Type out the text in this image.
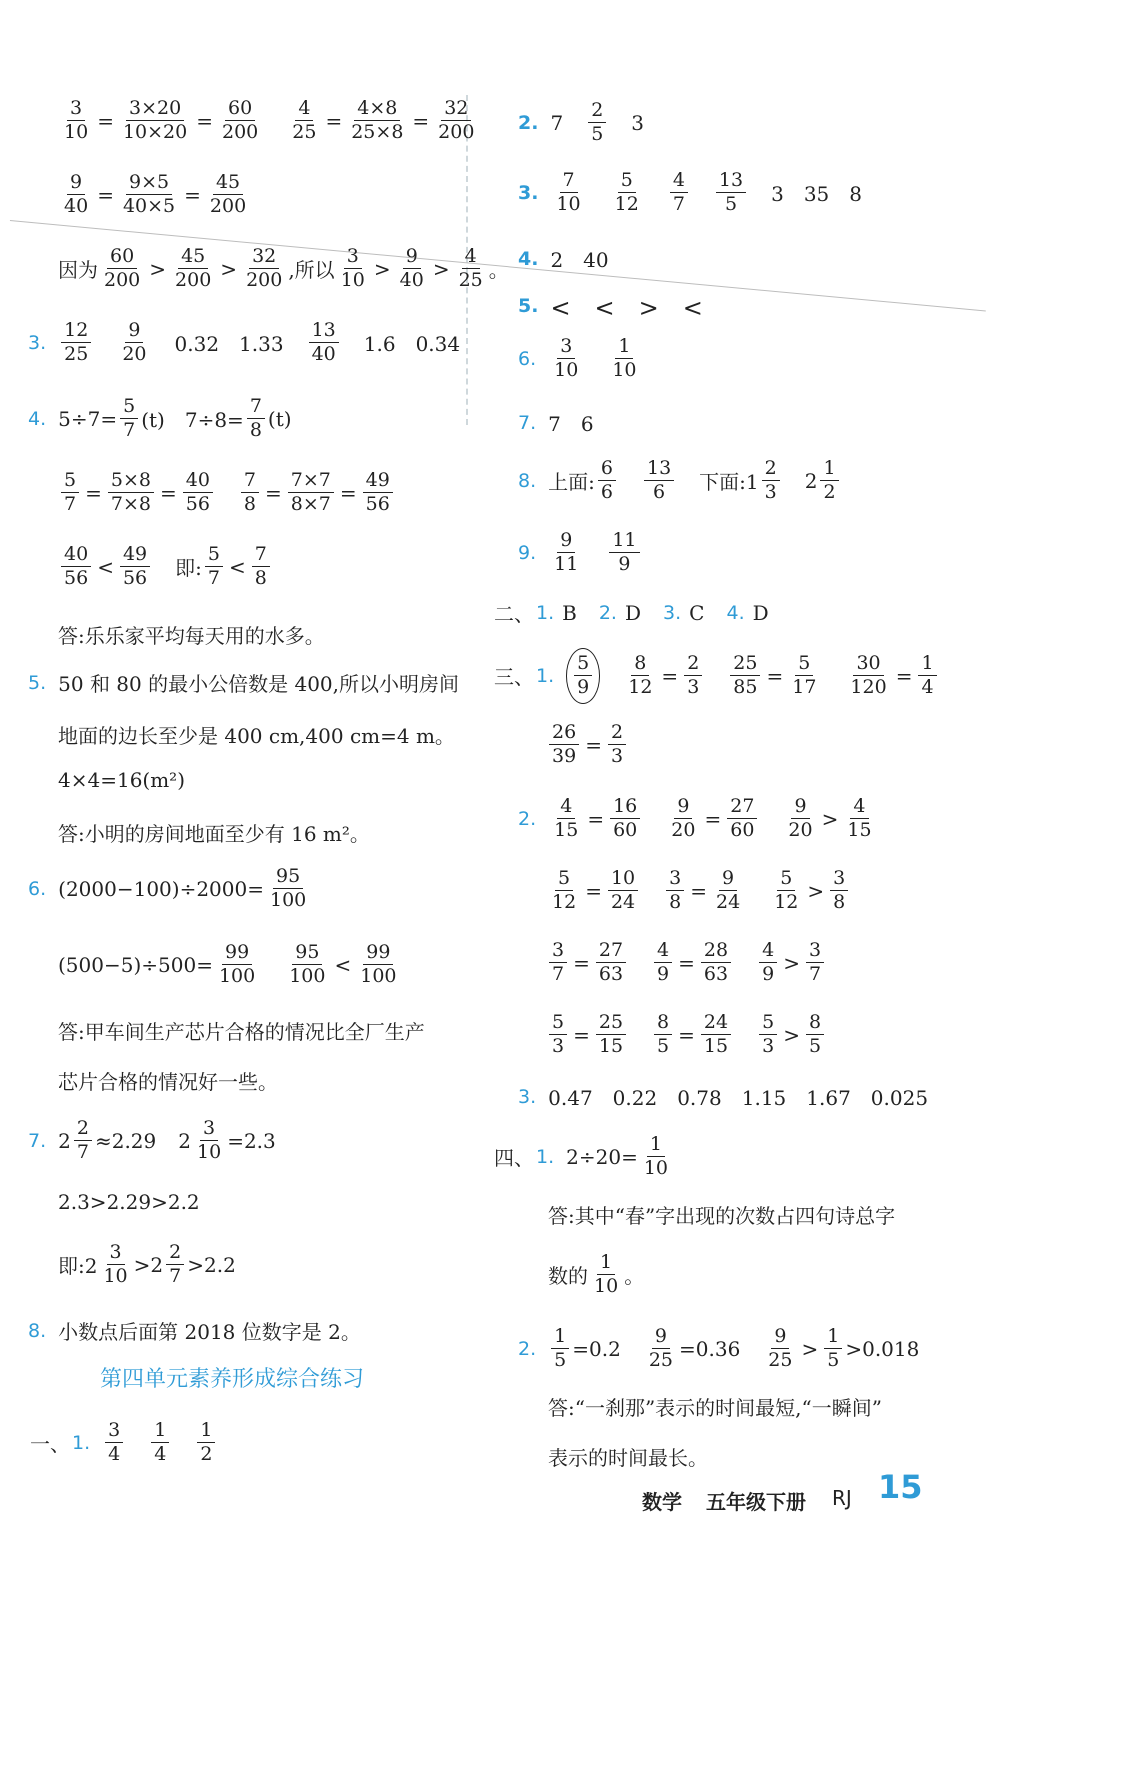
$\frac{3}{10} = \frac{3\times 20}{10\times 20} = \frac{60}{200} \frac{4}{25} = \frac{4\times 8}{25\times 8} = \frac{32}{200}$
$\frac{9}{40} = \frac{9\times 5}{40\times 5} = \frac{45}{200}$
因为 $\frac{60}{200} > \frac{45}{200} > \frac{32}{200}$ ,所以 $\frac{3}{10} > \frac{9}{40} > \frac{4}{25}$ 。
3. $\frac{12}{25} \frac{9}{20} 0.32$　$1.33 \frac{13}{40} 1.6$　0.34
4. $5\div 7= \frac{5}{7} (t)$　$7\div 8= \frac{7}{8} (t)$
$\frac{5}{7} = \frac{5\times 8}{7\times 8} = \frac{40}{56} \frac{7}{8} = \frac{7\times 7}{8\times 7} = \frac{49}{56}$
$\frac{40}{56} < \frac{49}{56}$ 即: $\frac{5}{7} < \frac{7}{8}$
答:乐乐家平均每天用的水多。
5. 50 和 80 的最小公倍数是 400,所以小明房间
地面的边长至少是 400 cm,400 cm=4 m。
4×4=16(m²)
答:小明的房间地面至少有 16 m²。
6. $(2000-100)\div 2000= \frac{95}{100}$
$(500-5)\div 500= \frac{99}{100} \frac{95}{100} < \frac{99}{100}$
答:甲车间生产芯片合格的情况比全厂生产
芯片合格的情况好一些。
7. $2 \frac{2}{7} \approx 2.29$ $2 \frac{3}{10} =2.3$
2.3>2.29>2.2
即:2 $\frac{3}{10} >2 \frac{2}{7} >2.2$
8. 小数点后面第 2018 位数字是 2。
第四单元素养形成综合练习
一、 1. $\frac{3}{4} \frac{1}{4} \frac{1}{2}$
2. $7 \frac{2}{5} 3$
3. $\frac{7}{10} \frac{5}{12} \frac{4}{7} \frac{13}{5} 3$　35　8
4. 2　40
5. <　<　>　<
6. $\frac{3}{10} \frac{1}{10}$
7. 7　6
8. 上面: $\frac{6}{6} \frac{13}{6}$ 下面:1 $\frac{2}{3} 2 \frac{1}{2}$
9. $\frac{9}{11} \frac{11}{9}$
二、 1. B 2. D 3. C 4. D
三、 1. $\frac{5}{9} \frac{8}{12} = \frac{2}{3} \frac{25}{85} = \frac{5}{17} \frac{30}{120} = \frac{1}{4}$
$\frac{26}{39} = \frac{2}{3}$
2. $\frac{4}{15} = \frac{16}{60} \frac{9}{20} = \frac{27}{60} \frac{9}{20} > \frac{4}{15}$
$\frac{5}{12} = \frac{10}{24} \frac{3}{8} = \frac{9}{24} \frac{5}{12} > \frac{3}{8}$
$\frac{3}{7} = \frac{27}{63} \frac{4}{9} = \frac{28}{63} \frac{4}{9} > \frac{3}{7}$
$\frac{5}{3} = \frac{25}{15} \frac{8}{5} = \frac{24}{15} \frac{5}{3} > \frac{8}{5}$
3. 0.47　0.22　0.78　1.15　1.67　0.025
四、 1. $2\div 20= \frac{1}{10}$
答:其中“春”字出现的次数占四句诗总字
数的 $\frac{1}{10}$ 。
2. $\frac{1}{5} =0.2 \frac{9}{25} =0.36 \frac{9}{25} > \frac{1}{5} >0.018$
答:“一刹那”表示的时间最短,“一瞬间”
表示的时间最长。
数学 五年级下册 RJ 15
